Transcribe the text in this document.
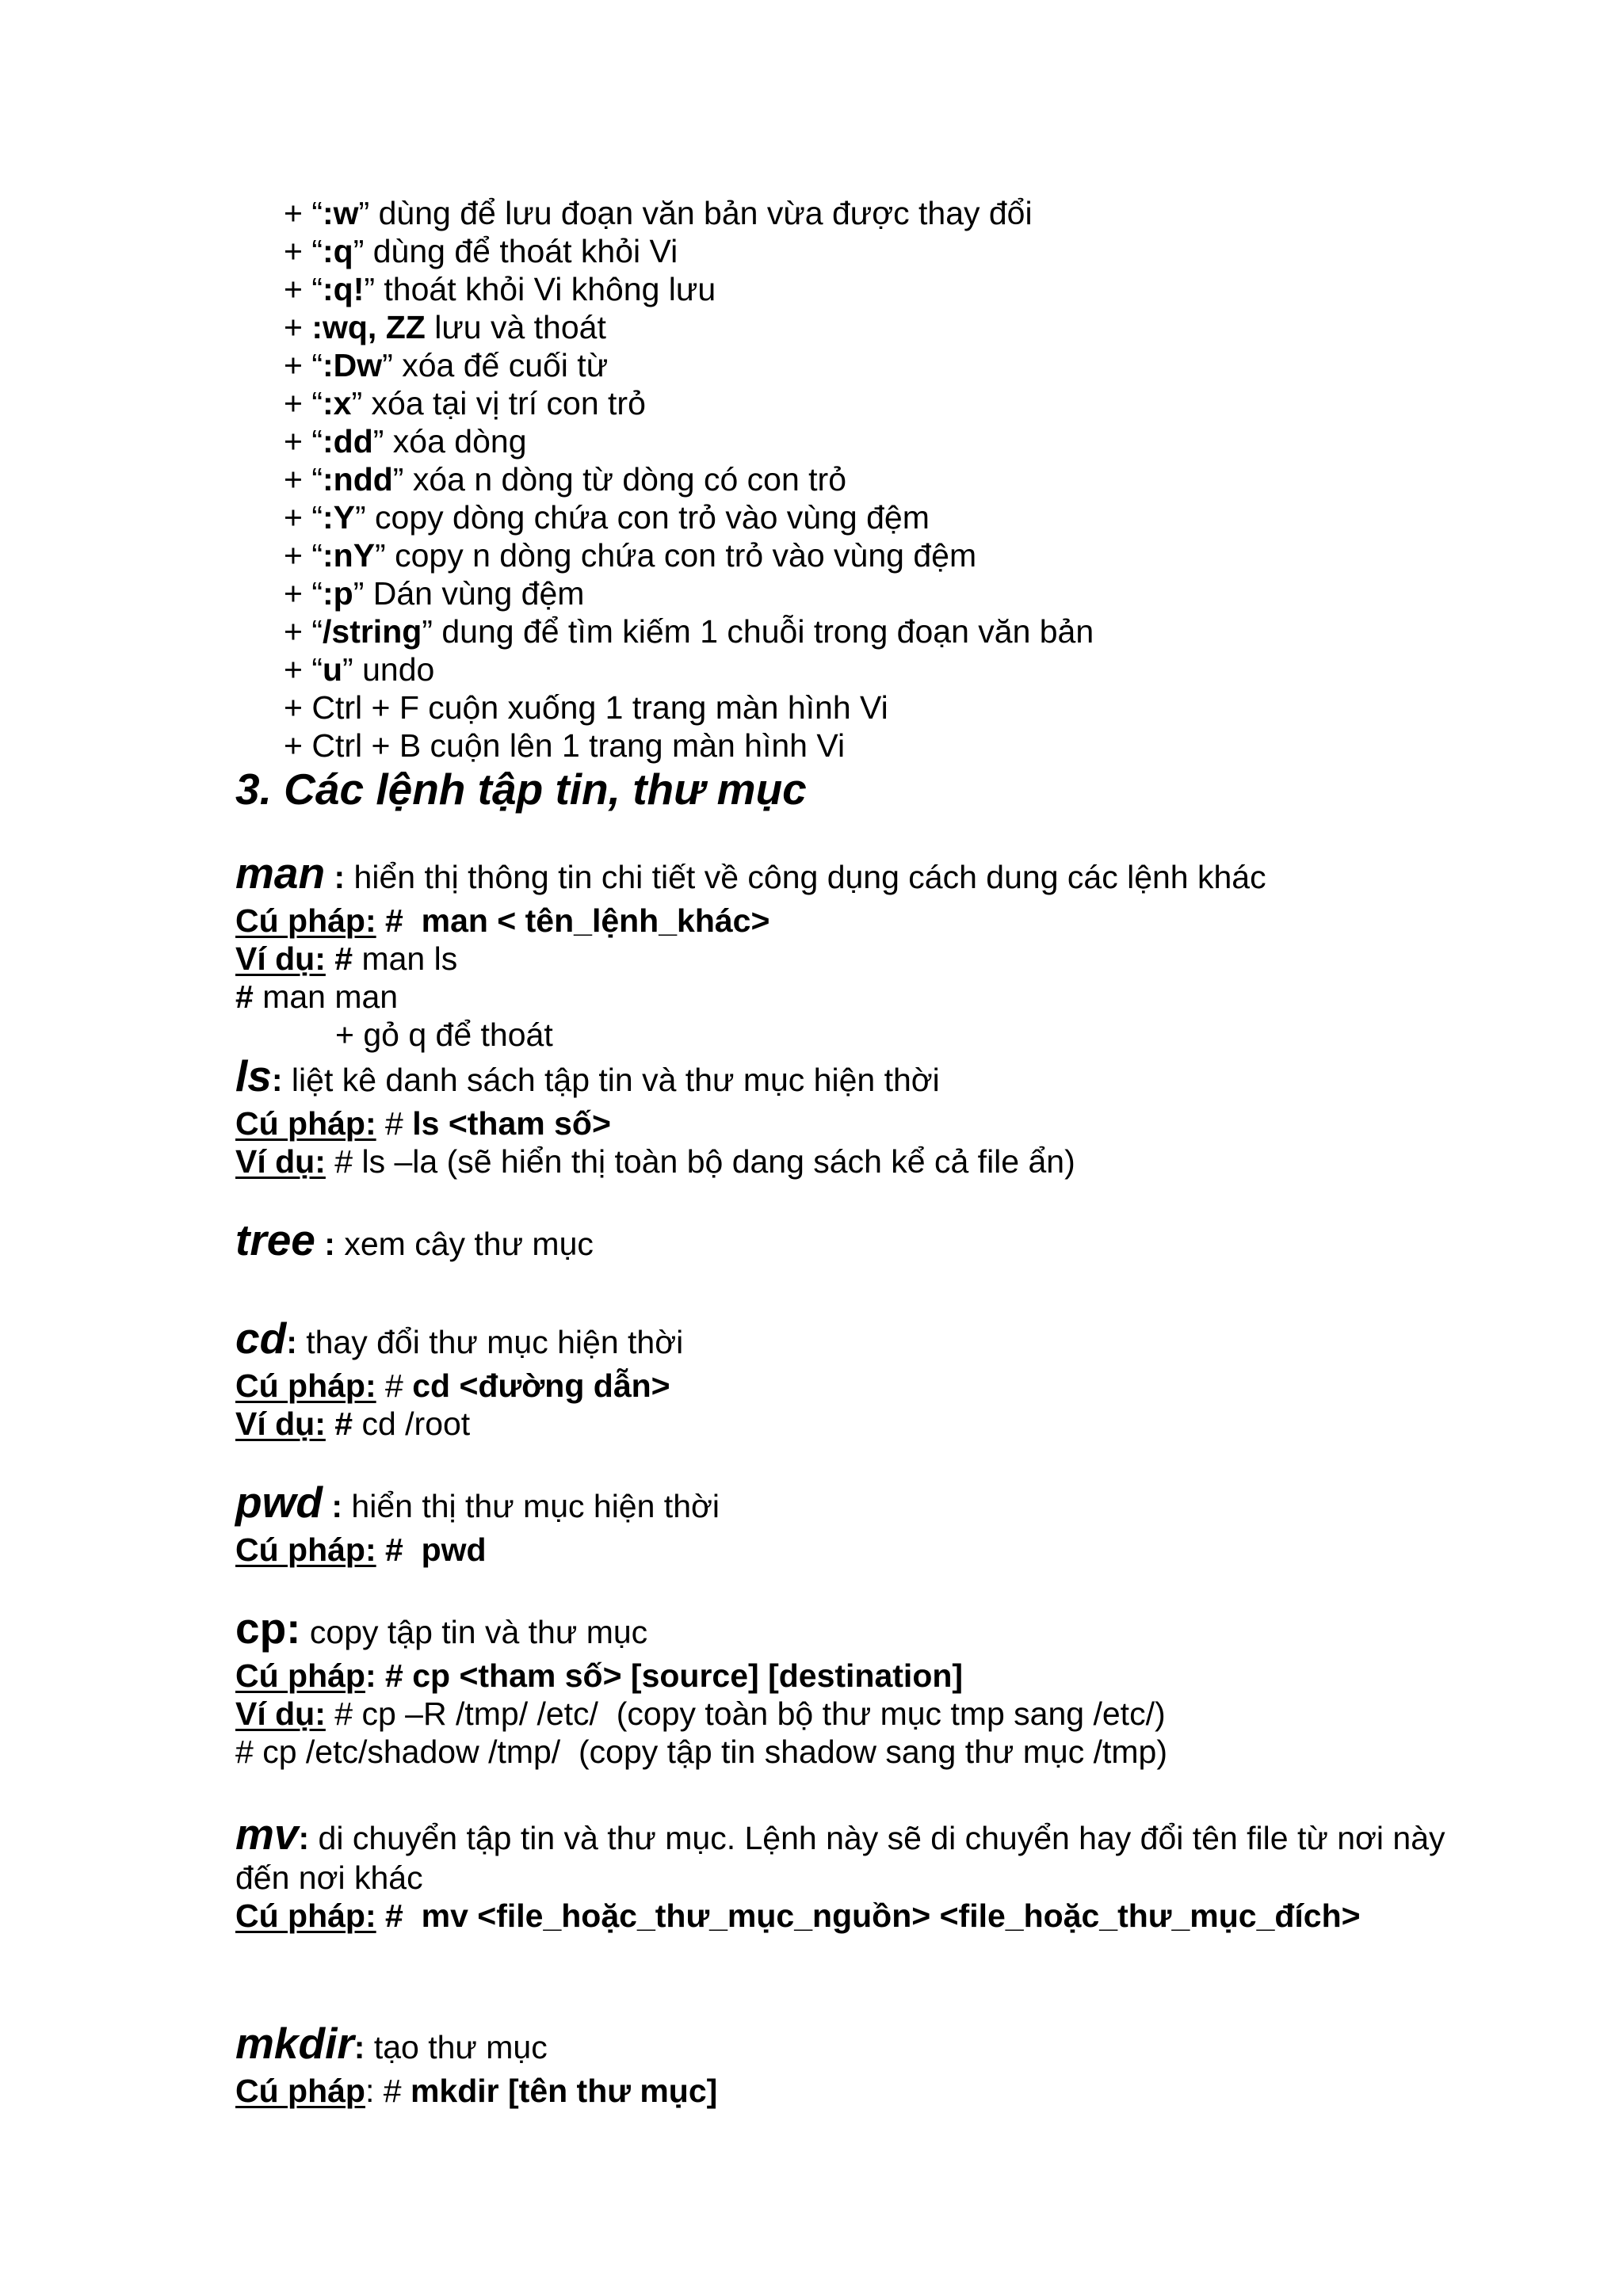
+ “:w” dùng để lưu đoạn văn bản vừa được thay đổi
+ “:q” dùng để thoát khỏi Vi
+ “:q!” thoát khỏi Vi không lưu
+ :wq, ZZ lưu và thoát
+ “:Dw” xóa đế cuối từ
+ “:x” xóa tại vị trí con trỏ
+ “:dd” xóa dòng
+ “:ndd” xóa n dòng từ dòng có con trỏ
+ “:Y” copy dòng chứa con trỏ vào vùng đệm
+ “:nY” copy n dòng chứa con trỏ vào vùng đệm
+ “:p” Dán vùng đệm
+ “/string” dung để tìm kiếm 1 chuỗi trong đoạn văn bản
+ “u” undo
+ Ctrl + F cuộn xuống 1 trang màn hình Vi
+ Ctrl + B cuộn lên 1 trang màn hình Vi
3. Các lệnh tập tin, thư mục
man : hiển thị thông tin chi tiết về công dụng cách dung các lệnh khác
Cú pháp: #  man < tên_lệnh_khác>
Ví dụ: # man ls
# man man
+ gỏ q để thoát
ls: liệt kê danh sách tập tin và thư mục hiện thời
Cú pháp: # ls <tham số>
Ví dụ: # ls –la (sẽ hiển thị toàn bộ dang sách kể cả file ẩn)
tree : xem cây thư mục
cd: thay đổi thư mục hiện thời
Cú pháp: # cd <đường dẫn>
Ví dụ: # cd /root
pwd : hiển thị thư mục hiện thời
Cú pháp: #  pwd
cp: copy tập tin và thư mục
Cú pháp: # cp <tham số> [source] [destination]
Ví dụ: # cp –R /tmp/ /etc/  (copy toàn bộ thư mục tmp sang /etc/)
# cp /etc/shadow /tmp/  (copy tập tin shadow sang thư mục /tmp)
mv: di chuyển tập tin và thư mục. Lệnh này sẽ di chuyển hay đổi tên file từ nơi này đến nơi khác
Cú pháp: #  mv <file_hoặc_thư_mục_nguồn> <file_hoặc_thư_mục_đích>
mkdir: tạo thư mục
Cú pháp: # mkdir [tên thư mục]
